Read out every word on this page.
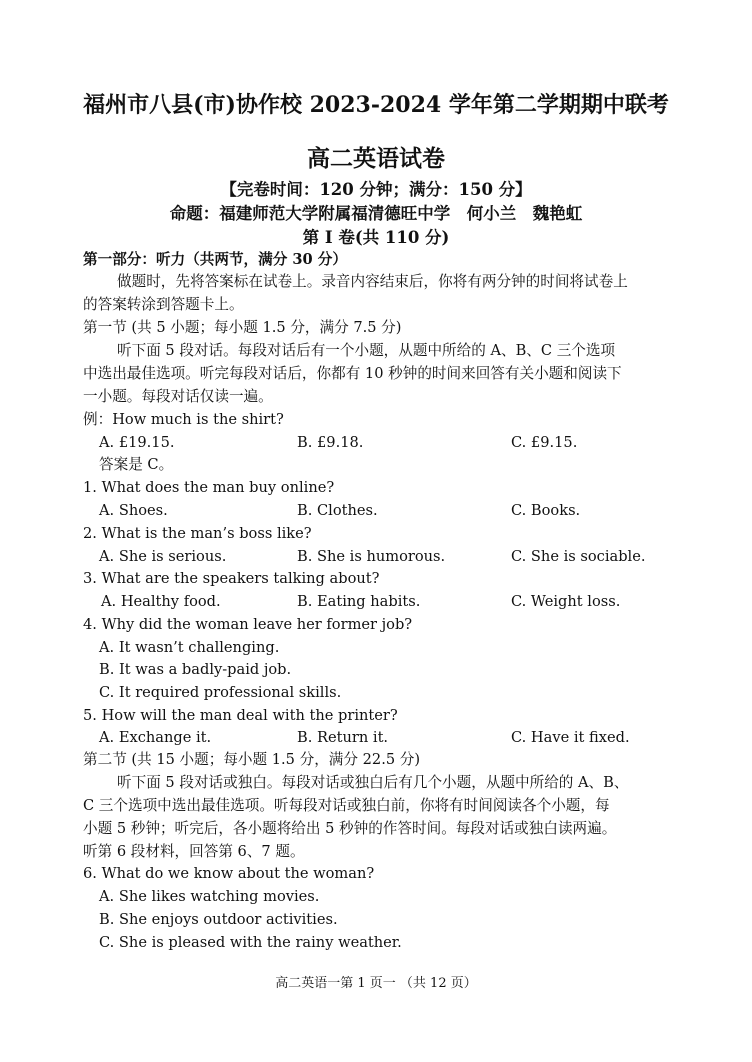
福州市八县(市)协作校 2023-2024 学年第二学期期中联考
高二英语试卷
【完卷时间：120 分钟；满分：150 分】
命题：福建师范大学附属福清德旺中学　何小兰　魏艳虹
第 I 卷(共 110 分)
第一部分：听力（共两节，满分 30 分）
做题时，先将答案标在试卷上。录音内容结束后，你将有两分钟的时间将试卷上
的答案转涂到答题卡上。
第一节 (共 5 小题；每小题 1.5 分，满分 7.5 分)
听下面 5 段对话。每段对话后有一个小题，从题中所给的 A、B、C 三个选项
中选出最佳选项。听完每段对话后，你都有 10 秒钟的时间来回答有关小题和阅读下
一小题。每段对话仅读一遍。
例：How much is the shirt?
A. £19.15.	B. £9.18.	C. £9.15.
答案是 C。
1. What does the man buy online?
A. Shoes.	B. Clothes.	C. Books.
2. What is the man’s boss like?
A. She is serious.	B. She is humorous.	C. She is sociable.
3. What are the speakers talking about?
A. Healthy food.	B. Eating habits.	C. Weight loss.
4. Why did the woman leave her former job?
A. It wasn’t challenging.
B. It was a badly-paid job.
C. It required professional skills.
5. How will the man deal with the printer?
A. Exchange it.	B. Return it.	C. Have it fixed.
第二节 (共 15 小题；每小题 1.5 分，满分 22.5 分)
听下面 5 段对话或独白。每段对话或独白后有几个小题，从题中所给的 A、B、
C 三个选项中选出最佳选项。听每段对话或独白前，你将有时间阅读各个小题，每
小题 5 秒钟；听完后，各小题将给出 5 秒钟的作答时间。每段对话或独白读两遍。
听第 6 段材料，回答第 6、7 题。
6. What do we know about the woman?
A. She likes watching movies.
B. She enjoys outdoor activities.
C. She is pleased with the rainy weather.
高二英语一第 1 页一 （共 12 页）
